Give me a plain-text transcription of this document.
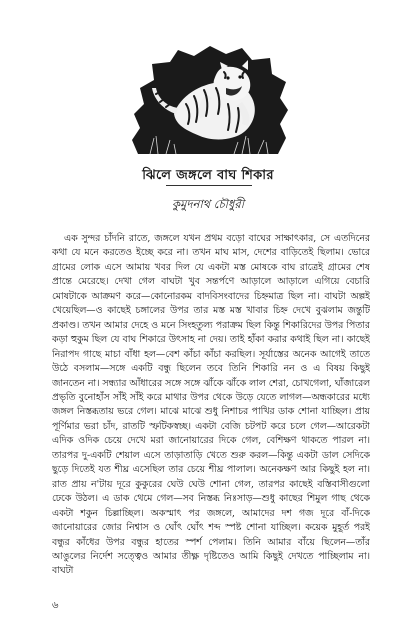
ঝিলে জঙ্গলে বাঘ শিকার
কুমুদনাথ চৌধুরী

এক সুন্দর চাঁদনি রাতে, জঙ্গলে যখন প্রথম বড়ো বাঘের সাক্ষাৎকার, সে এতদিনের কথা যে মনে করতেও ইচ্ছে করে না। তখন মাঘ মাস, দেশের বাড়িতেই ছিলাম। ভোরে গ্রামের লোক এসে আমায় খবর দিল যে একটা মস্ত মোষকে বাঘ রাত্রেই গ্রামের শেষ প্রান্তে মেরেছে। দেখা গেল বাঘটা খুব সন্তর্পণে আড়ালে আড়ালে এগিয়ে বেচারি মোষটাকে আক্রমণ করে—কোনোরকম বাদবিসংবাদের চিহ্নমাত্র ছিল না। বাঘটা অল্পই খেয়েছিল—ও কাছেই চঙ্গালের উপর তার মস্ত মস্ত খাবার চিহ্ন দেখে বুঝলাম জন্তুটি প্রকাণ্ড। তখন আমার দেহে ও মনে সিংহতুল্য পরাক্রম ছিল কিন্তু শিকারিদের উপর পিতার কড়া হুকুম ছিল যে বাঘ শিকারে উৎসাহ না দেয়। তাই হাঁকা করার কথাই ছিল না। কাছেই নিরাপদ গাছে মাচা বাঁধা হল—বেশ কাঁচা কাঁচা করছিল। সূর্যাস্তের অনেক আগেই তাতে উঠে বসলাম—সঙ্গে একটি বন্ধু ছিলেন তবে তিনি শিকারি নন ও এ বিষয় কিছুই জানতেন না। সন্ধ্যার আঁধারের সঙ্গে সঙ্গে ঝাঁকে ঝাঁকে লাল শেরা, চোখগেলা, ঘাঁজারেল প্রভৃতি বুনোহাঁস সাঁই সাঁই করে মাথার উপর থেকে উড়ে যেতে লাগল—অন্ধকারের মধ্যে জঙ্গল নিস্তব্ধতায় ভরে গেল। মাঝে মাঝে শুধু নিশাচর পাখির ডাক শোনা যাচ্ছিল। প্রায় পূর্ণিমার ভরা চাঁদ, রাতটি স্ফটিকস্বচ্ছ। একটা বেজি চটপট করে চলে গেল—আরেকটা এদিক ওদিক চেয়ে দেখে মরা জানোয়ারের দিকে গেল, বেশিক্ষণ থাকতে পারল না। তারপর দু-একটি শেয়াল এসে তাড়াতাড়ি খেতে শুরু করল—কিন্তু একটা ডাল সেদিকে ছুড়ে দিতেই যত শীঘ্র এসেছিল তার চেয়ে শীঘ্র পালাল। অনেকক্ষণ আর কিছুই হল না। রাত প্রায় ন'টায় দূরে কুকুরের ঘেউ ঘেউ শোনা গেল, তারপর কাছেই বস্তিবাসীগুলো ঢেকে উঠল। এ ডাক থেমে গেল—সব নিস্তব্ধ নিঃসাড়—শুধু কাছের শিমুল গাছ থেকে একটা শকুন চিল্লাচ্ছিল। অকস্মাৎ পর জঙ্গলে, আমাদের দশ গজ দূরে বাঁ-দিকে জানোয়ারের জোর নিশ্বাস ও ঘোঁৎ ঘোঁৎ শব্দ স্পষ্ট শোনা যাচ্ছিল। কয়েক মুহূর্ত পরই বন্ধুর কাঁধের উপর বন্ধুর হাতের স্পর্শ পেলাম। তিনি আমার বাঁয়ে ছিলেন—তাঁর আঙুলের নির্দেশ সত্ত্বেও আমার তীক্ষ্ণ দৃষ্টিতেও আমি কিছুই দেখতে পাচ্ছিলাম না। বাঘটা

৬
